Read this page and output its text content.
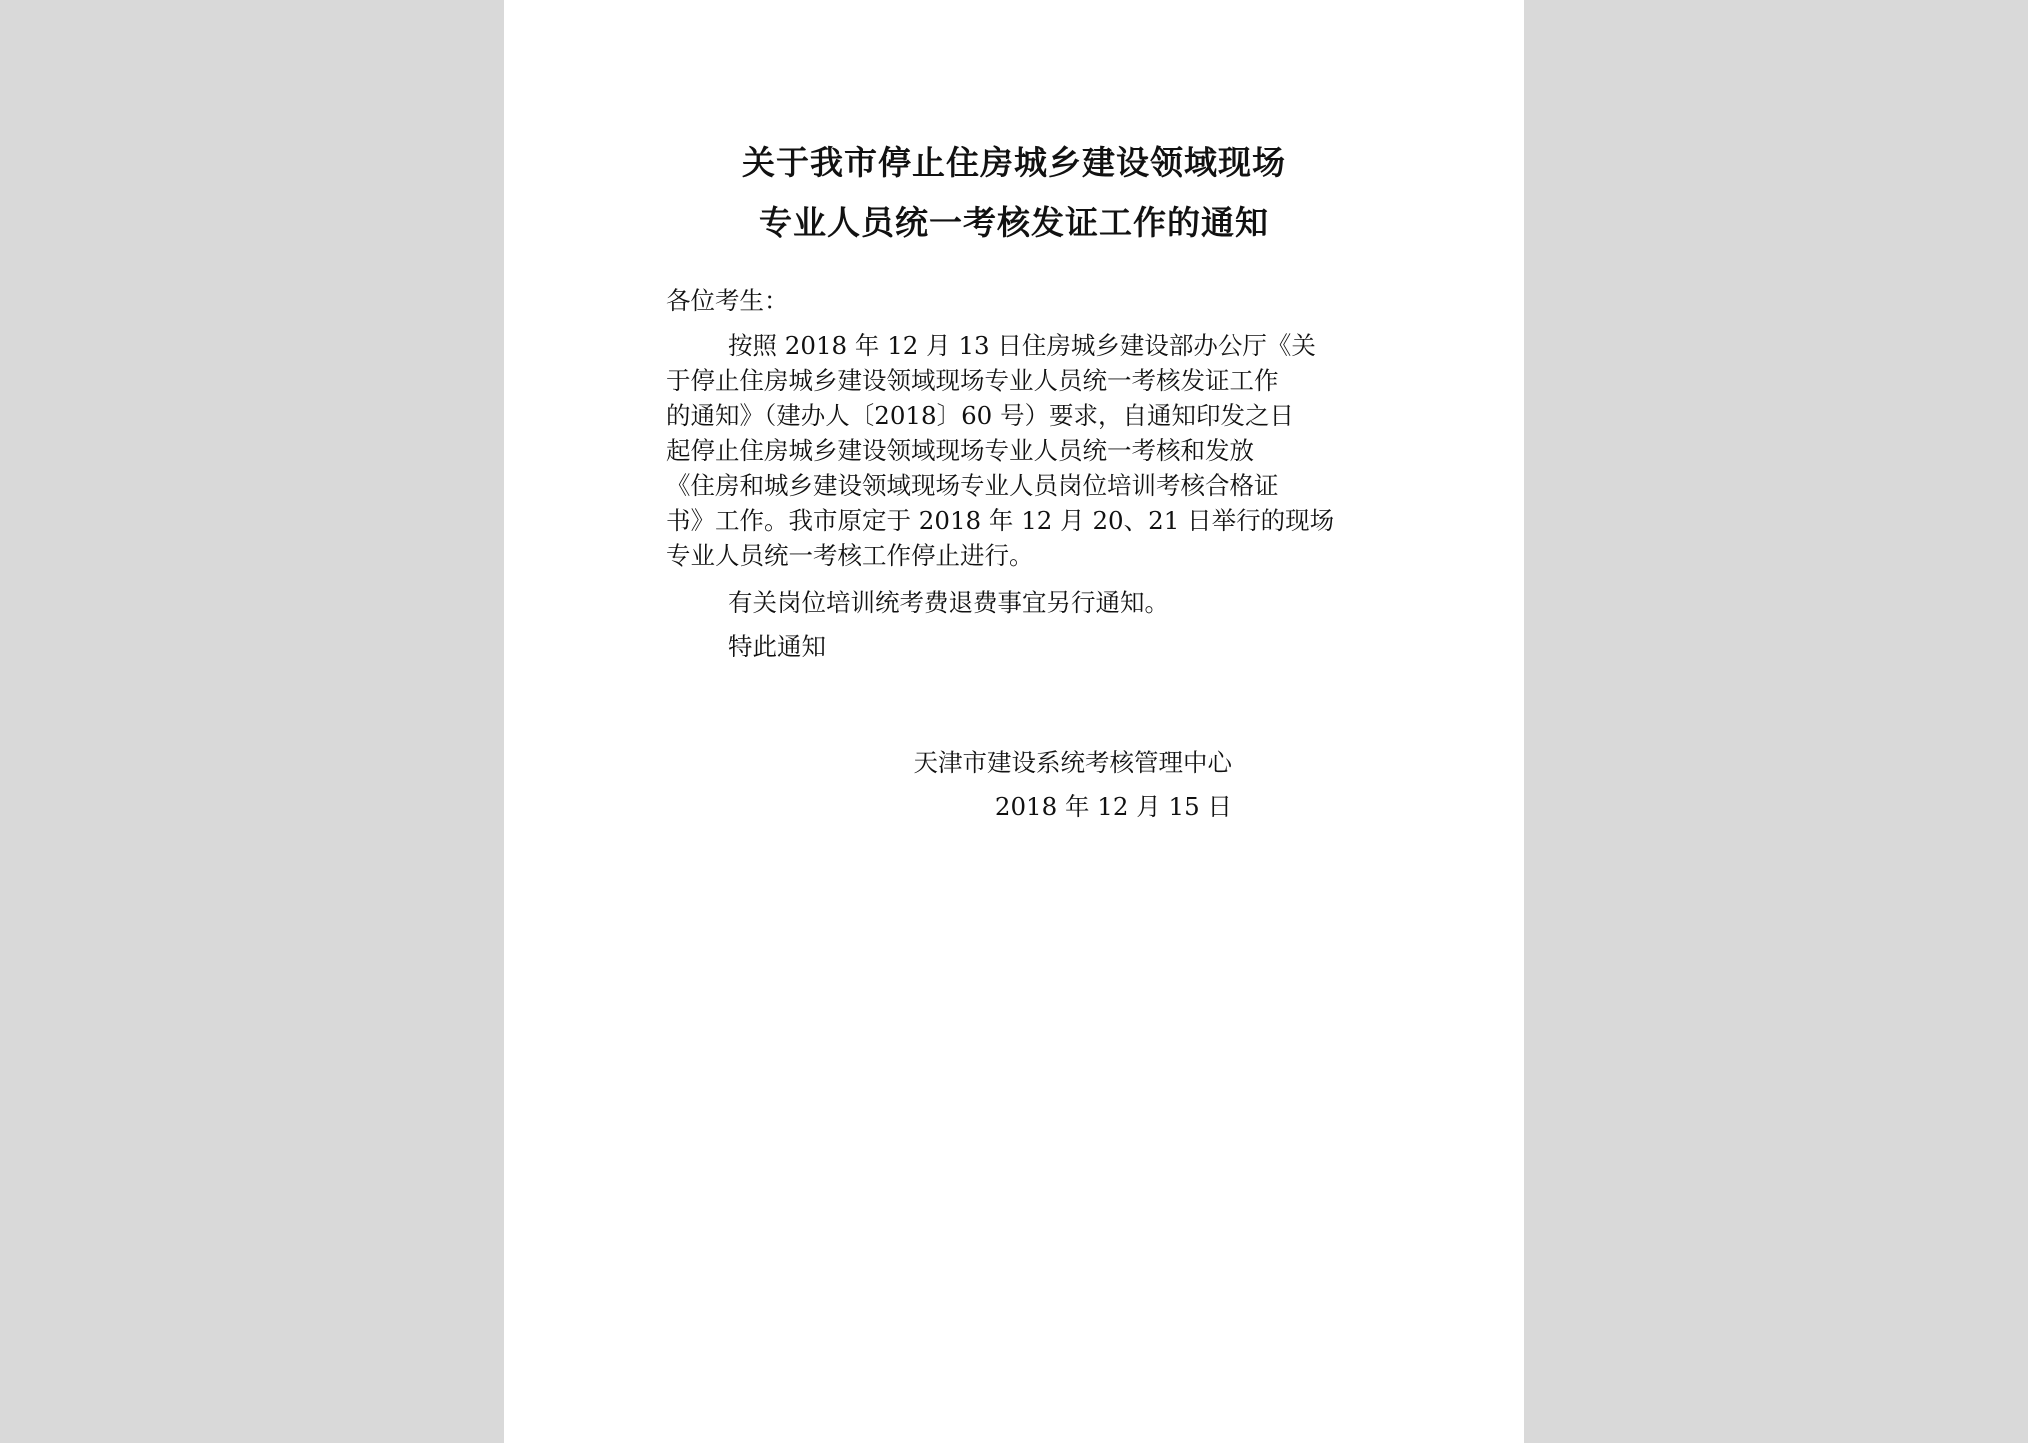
关于我市停止住房城乡建设领域现场
专业人员统一考核发证工作的通知
各位考生：
按照 2018 年 12 月 13 日住房城乡建设部办公厅《关
于停止住房城乡建设领域现场专业人员统一考核发证工作
的通知》（建办人〔2018〕60 号）要求，自通知印发之日
起停止住房城乡建设领域现场专业人员统一考核和发放
《住房和城乡建设领域现场专业人员岗位培训考核合格证
书》工作。我市原定于 2018 年 12 月 20、21 日举行的现场
专业人员统一考核工作停止进行。
有关岗位培训统考费退费事宜另行通知。
特此通知
天津市建设系统考核管理中心
2018 年 12 月 15 日
